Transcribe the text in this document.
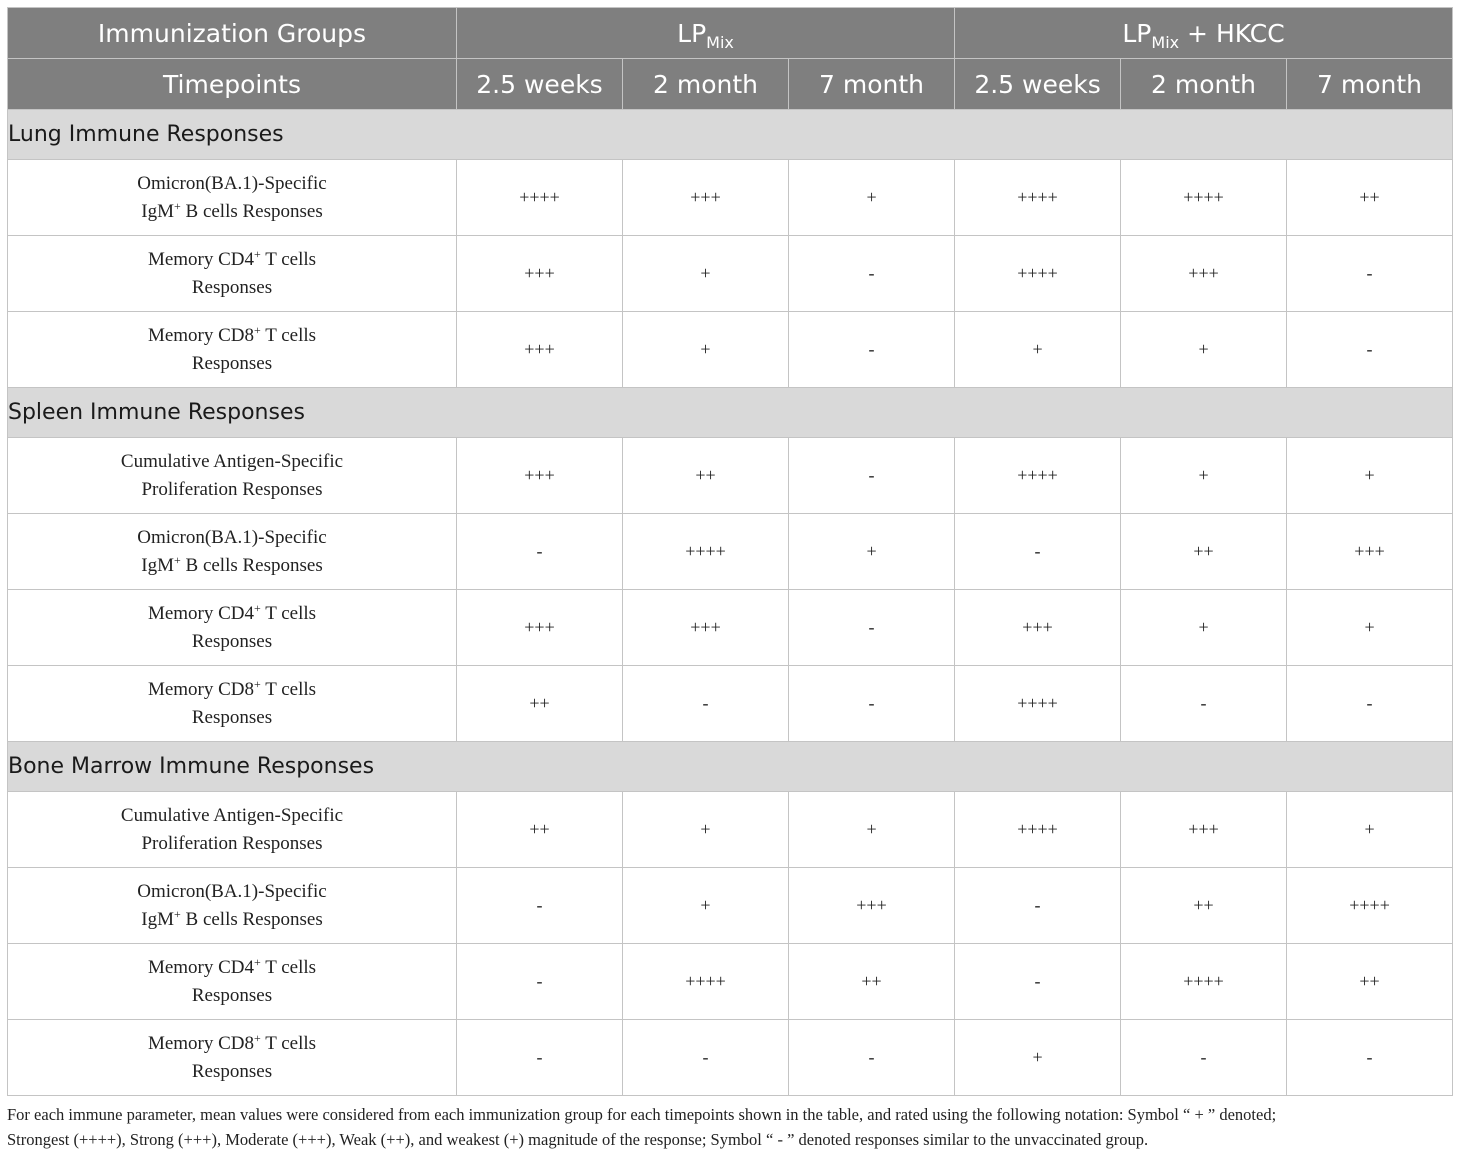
Immunization Groups	$LP_{Mix}$			$LP_{Mix}$ + HKCC		
Timepoints	2.5 weeks	2 month	7 month	2.5 weeks	2 month	7 month
Lung Immune Responses						

Omicron(BA.1)-Specific
IgM+ B cells Responses	++++	+++	+	++++	++++	++

Memory CD4+ T cells
Responses	+++	+	-	++++	+++	-

Memory CD8+ T cells
Responses	+++	+	-	+	+	-
Spleen Immune Responses						

Cumulative Antigen-Specific
Proliferation Responses	+++	++	-	++++	+	+

Omicron(BA.1)-Specific
IgM+ B cells Responses	-	++++	+	-	++	+++

Memory CD4+ T cells
Responses	+++	+++	-	+++	+	+

Memory CD8+ T cells
Responses	++	-	-	++++	-	-
Bone Marrow Immune Responses						

Cumulative Antigen-Specific
Proliferation Responses	++	+	+	++++	+++	+

Omicron(BA.1)-Specific
IgM+ B cells Responses	-	+	+++	-	++	++++

Memory CD4+ T cells
Responses	-	++++	++	-	++++	++

Memory CD8+ T cells
Responses	-	-	-	+	-	-
For each immune parameter, mean values were considered from each immunization group for each timepoints shown in the table, and rated using the following notation: Symbol “ + ” denoted;
Strongest (++++), Strong (+++), Moderate (+++), Weak (++), and weakest (+) magnitude of the response; Symbol “ - ” denoted responses similar to the unvaccinated group.
